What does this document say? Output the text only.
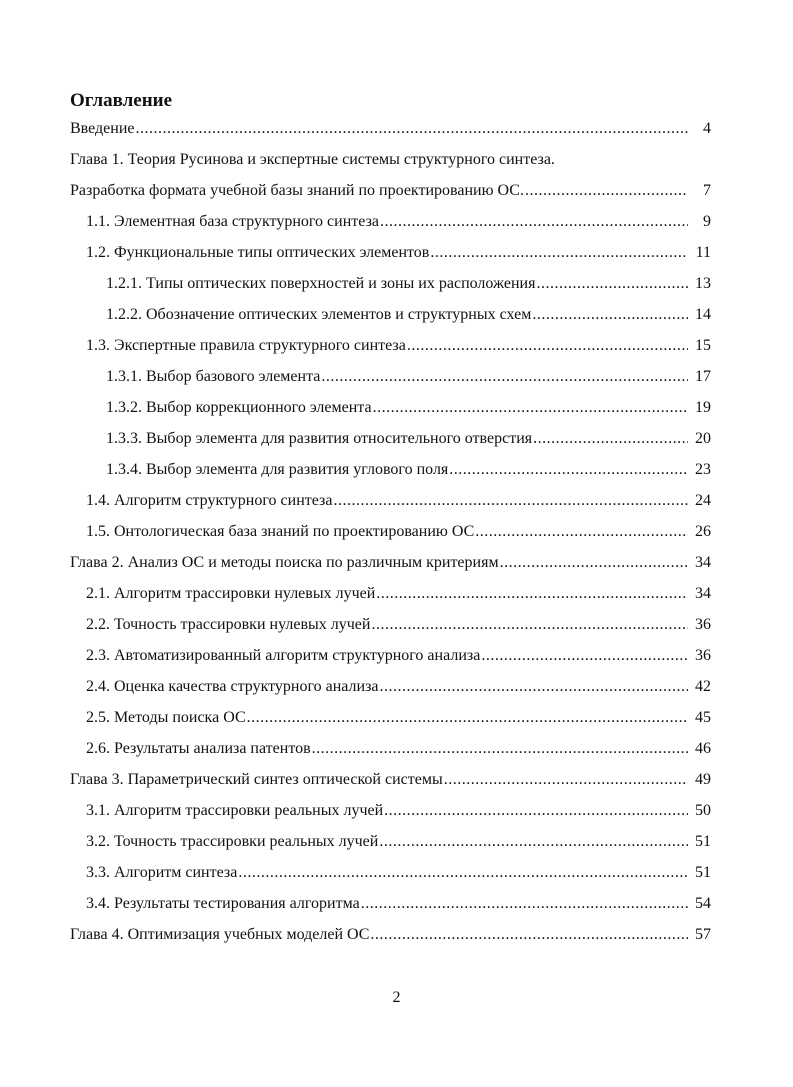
Оглавление
Введение .....	4
Глава 1. Теория Русинова и экспертные системы структурного синтеза.
Разработка формата учебной базы знаний по проектированию ОС. .....	7
1.1. Элементная база структурного синтеза .....	9
1.2. Функциональные типы оптических элементов .....	11
1.2.1. Типы оптических поверхностей и зоны их расположения .....	13
1.2.2. Обозначение оптических элементов и структурных схем .....	14
1.3. Экспертные правила структурного синтеза .....	15
1.3.1. Выбор базового элемента .....	17
1.3.2. Выбор коррекционного элемента .....	19
1.3.3. Выбор элемента для развития относительного отверстия .....	20
1.3.4. Выбор элемента для развития углового поля .....	23
1.4. Алгоритм структурного синтеза .....	24
1.5. Онтологическая база знаний по проектированию ОС .....	26
Глава 2. Анализ ОС и методы поиска по различным критериям .....	34
2.1. Алгоритм трассировки нулевых лучей .....	34
2.2. Точность трассировки нулевых лучей .....	36
2.3. Автоматизированный алгоритм структурного анализа .....	36
2.4. Оценка качества структурного анализа .....	42
2.5. Методы поиска ОС .....	45
2.6. Результаты анализа патентов .....	46
Глава 3. Параметрический синтез оптической системы .....	49
3.1. Алгоритм трассировки реальных лучей .....	50
3.2. Точность трассировки реальных лучей .....	51
3.3. Алгоритм синтеза .....	51
3.4. Результаты тестирования алгоритма .....	54
Глава 4. Оптимизация учебных моделей ОС .....	57
2
